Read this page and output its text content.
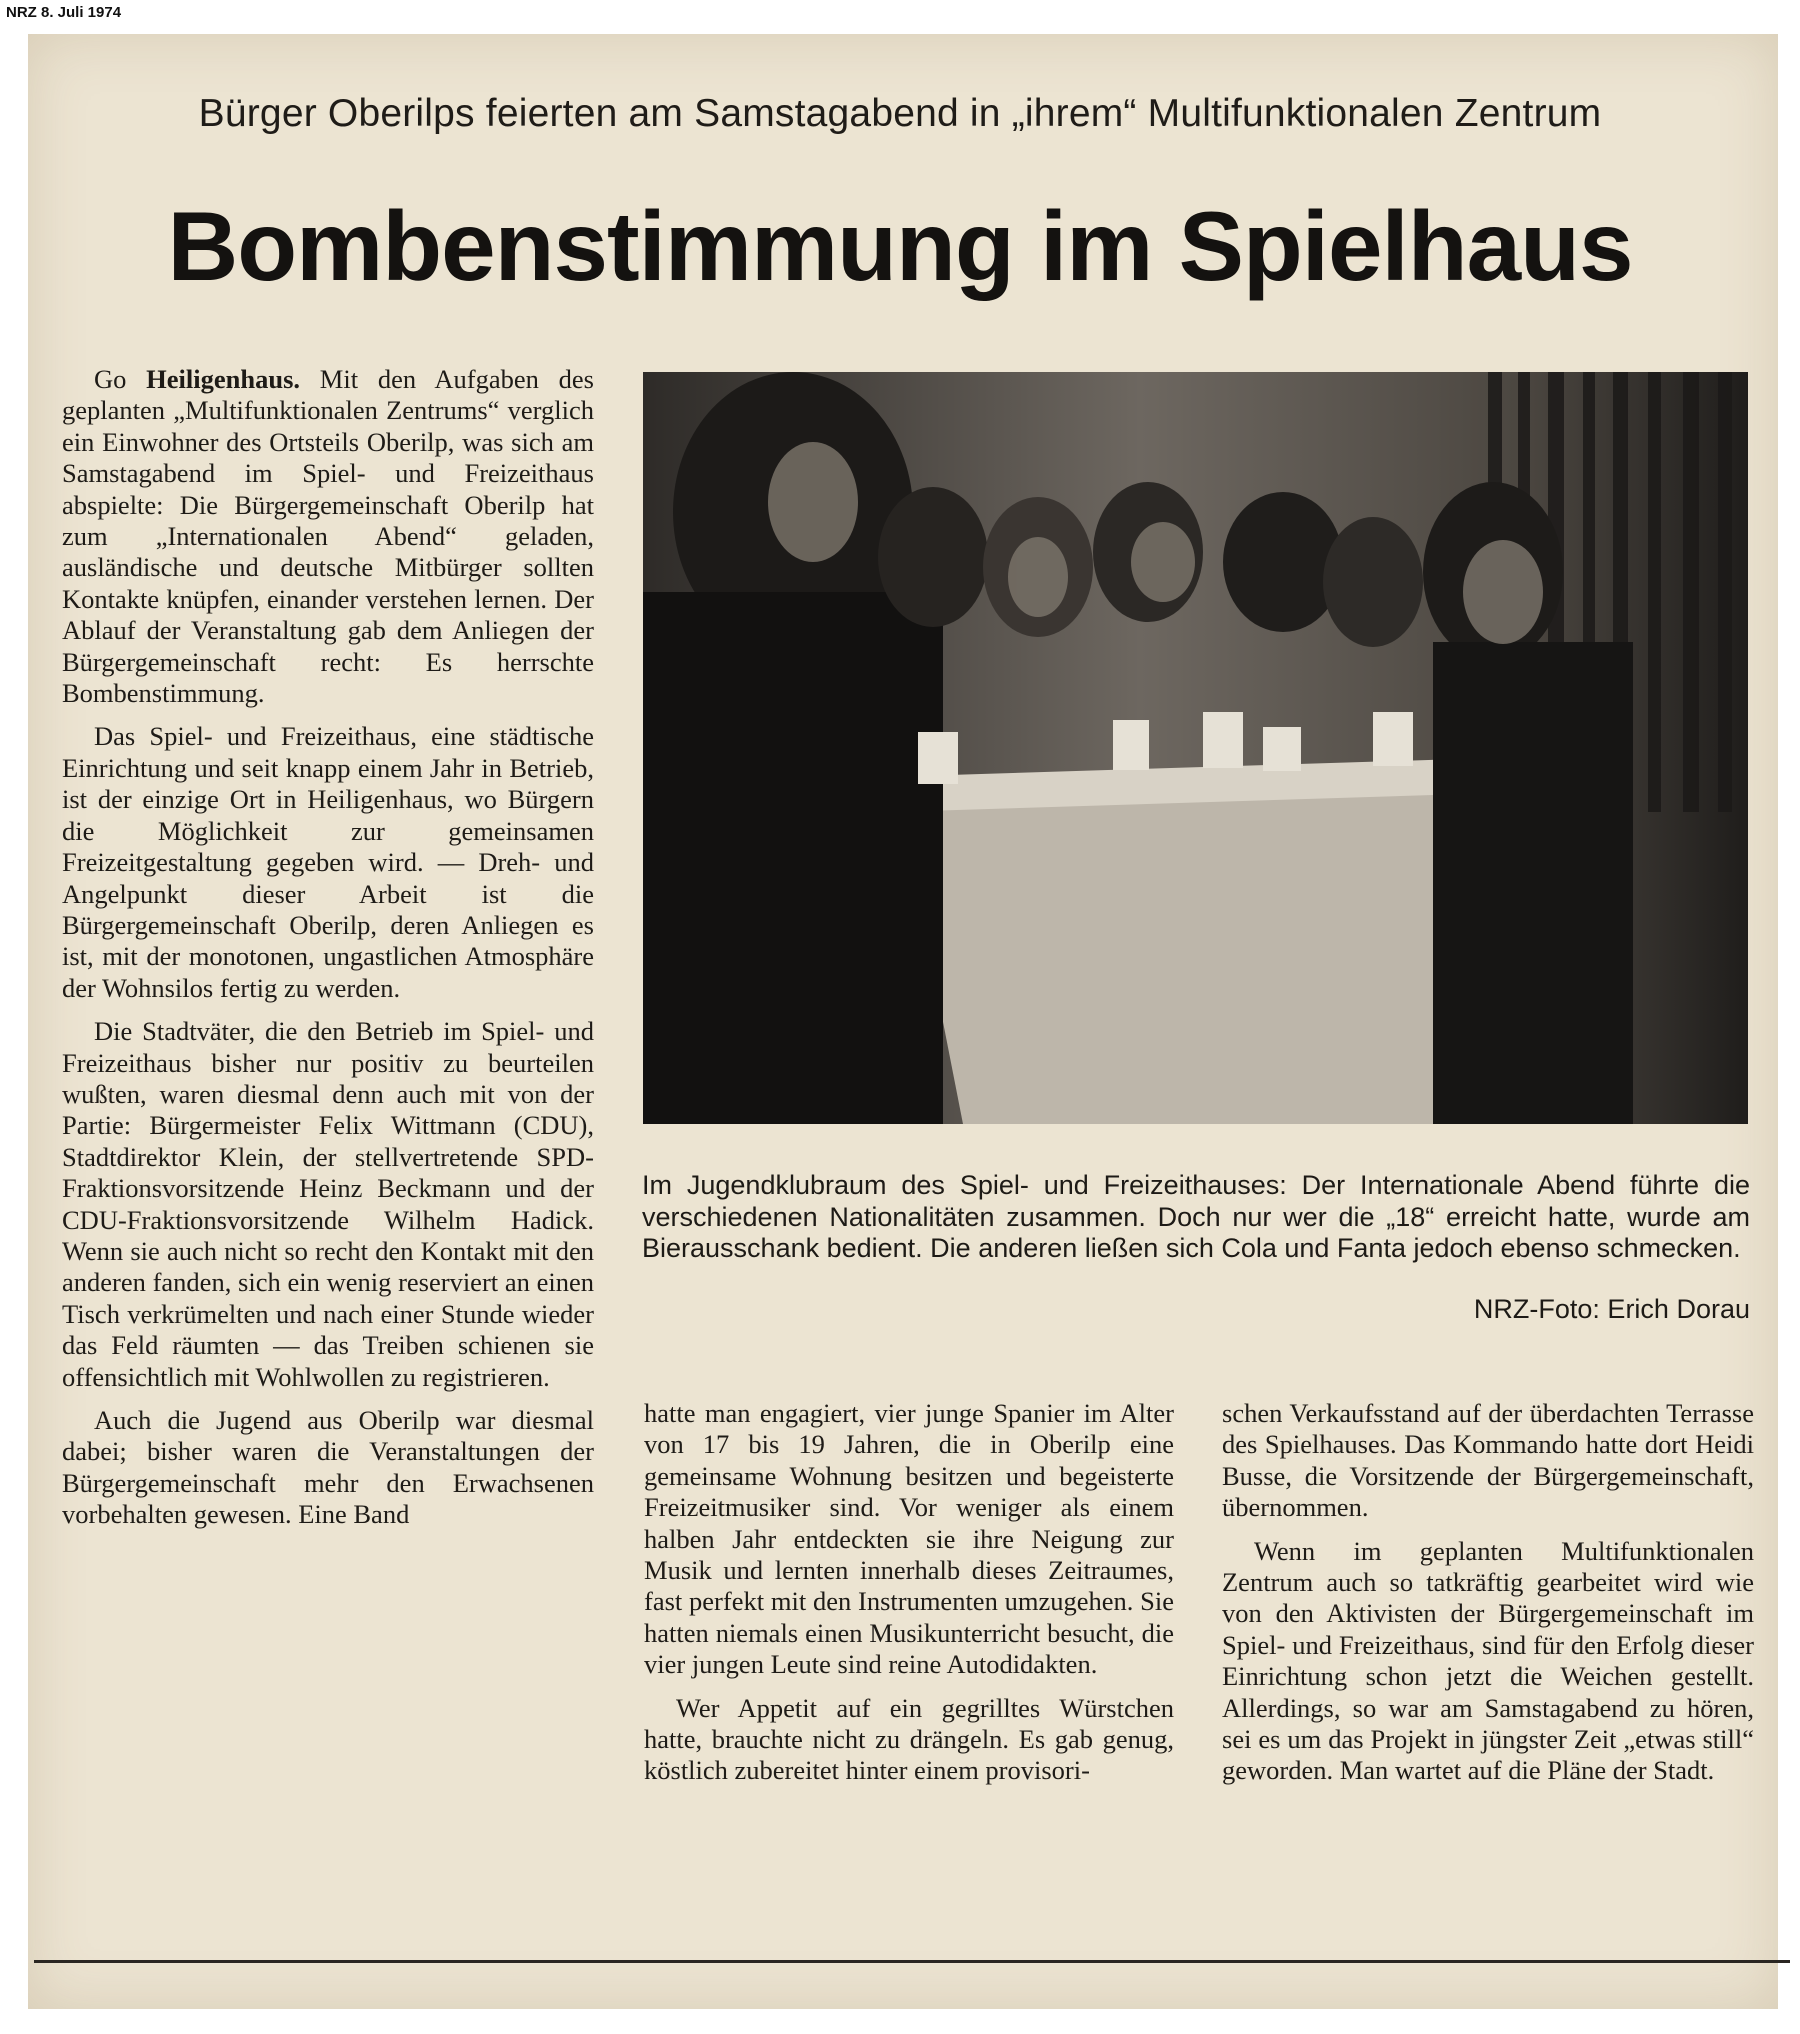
NRZ 8. Juli 1974
Bürger Oberilps feierten am Samstagabend in „ihrem“ Multifunktionalen Zentrum
Bombenstimmung im Spielhaus

Go Heiligenhaus. Mit den Aufgaben des geplanten „Multifunktionalen Zentrums“ verglich ein Einwohner des Ortsteils Oberilp, was sich am Samstagabend im Spiel- und Freizeithaus abspielte: Die Bürgergemeinschaft Oberilp hat zum „Internationalen Abend“ geladen, ausländische und deutsche Mitbürger sollten Kontakte knüpfen, einander verstehen lernen. Der Ablauf der Veranstaltung gab dem Anliegen der Bürgergemeinschaft recht: Es herrschte Bombenstimmung.

Das Spiel- und Freizeithaus, eine städtische Einrichtung und seit knapp einem Jahr in Betrieb, ist der einzige Ort in Heiligenhaus, wo Bürgern die Möglichkeit zur gemeinsamen Freizeitgestaltung gegeben wird. — Dreh- und Angelpunkt dieser Arbeit ist die Bürgergemeinschaft Oberilp, deren Anliegen es ist, mit der monotonen, ungastlichen Atmosphäre der Wohnsilos fertig zu werden.

Die Stadtväter, die den Betrieb im Spiel- und Freizeithaus bisher nur positiv zu beurteilen wußten, waren diesmal denn auch mit von der Partie: Bürgermeister Felix Wittmann (CDU), Stadtdirektor Klein, der stellvertretende SPD-Fraktionsvorsitzende Heinz Beckmann und der CDU-Fraktionsvorsitzende Wilhelm Hadick. Wenn sie auch nicht so recht den Kontakt mit den anderen fanden, sich ein wenig reserviert an einen Tisch verkrümelten und nach einer Stunde wieder das Feld räumten — das Treiben schienen sie offensichtlich mit Wohlwollen zu registrieren.

Auch die Jugend aus Oberilp war diesmal dabei; bisher waren die Veranstaltungen der Bürgergemeinschaft mehr den Erwachsenen vorbehalten gewesen. Eine Band

Im Jugendklubraum des Spiel- und Freizeithauses: Der Internationale Abend führte die verschiedenen Nationalitäten zusammen. Doch nur wer die „18“ erreicht hatte, wurde am Bierausschank bedient. Die anderen ließen sich Cola und Fanta jedoch ebenso schmecken.
NRZ-Foto: Erich Dorau

hatte man engagiert, vier junge Spanier im Alter von 17 bis 19 Jahren, die in Oberilp eine gemeinsame Wohnung besitzen und begeisterte Freizeitmusiker sind. Vor weniger als einem halben Jahr entdeckten sie ihre Neigung zur Musik und lernten innerhalb dieses Zeitraumes, fast perfekt mit den Instrumenten umzugehen. Sie hatten niemals einen Musikunterricht besucht, die vier jungen Leute sind reine Autodidakten.

Wer Appetit auf ein gegrilltes Würstchen hatte, brauchte nicht zu drängeln. Es gab genug, köstlich zubereitet hinter einem provisori-

schen Verkaufsstand auf der überdachten Terrasse des Spielhauses. Das Kommando hatte dort Heidi Busse, die Vorsitzende der Bürgergemeinschaft, übernommen.

Wenn im geplanten Multifunktionalen Zentrum auch so tatkräftig gearbeitet wird wie von den Aktivisten der Bürgergemeinschaft im Spiel- und Freizeithaus, sind für den Erfolg dieser Einrichtung schon jetzt die Weichen gestellt. Allerdings, so war am Samstagabend zu hören, sei es um das Projekt in jüngster Zeit „etwas still“ geworden. Man wartet auf die Pläne der Stadt.
